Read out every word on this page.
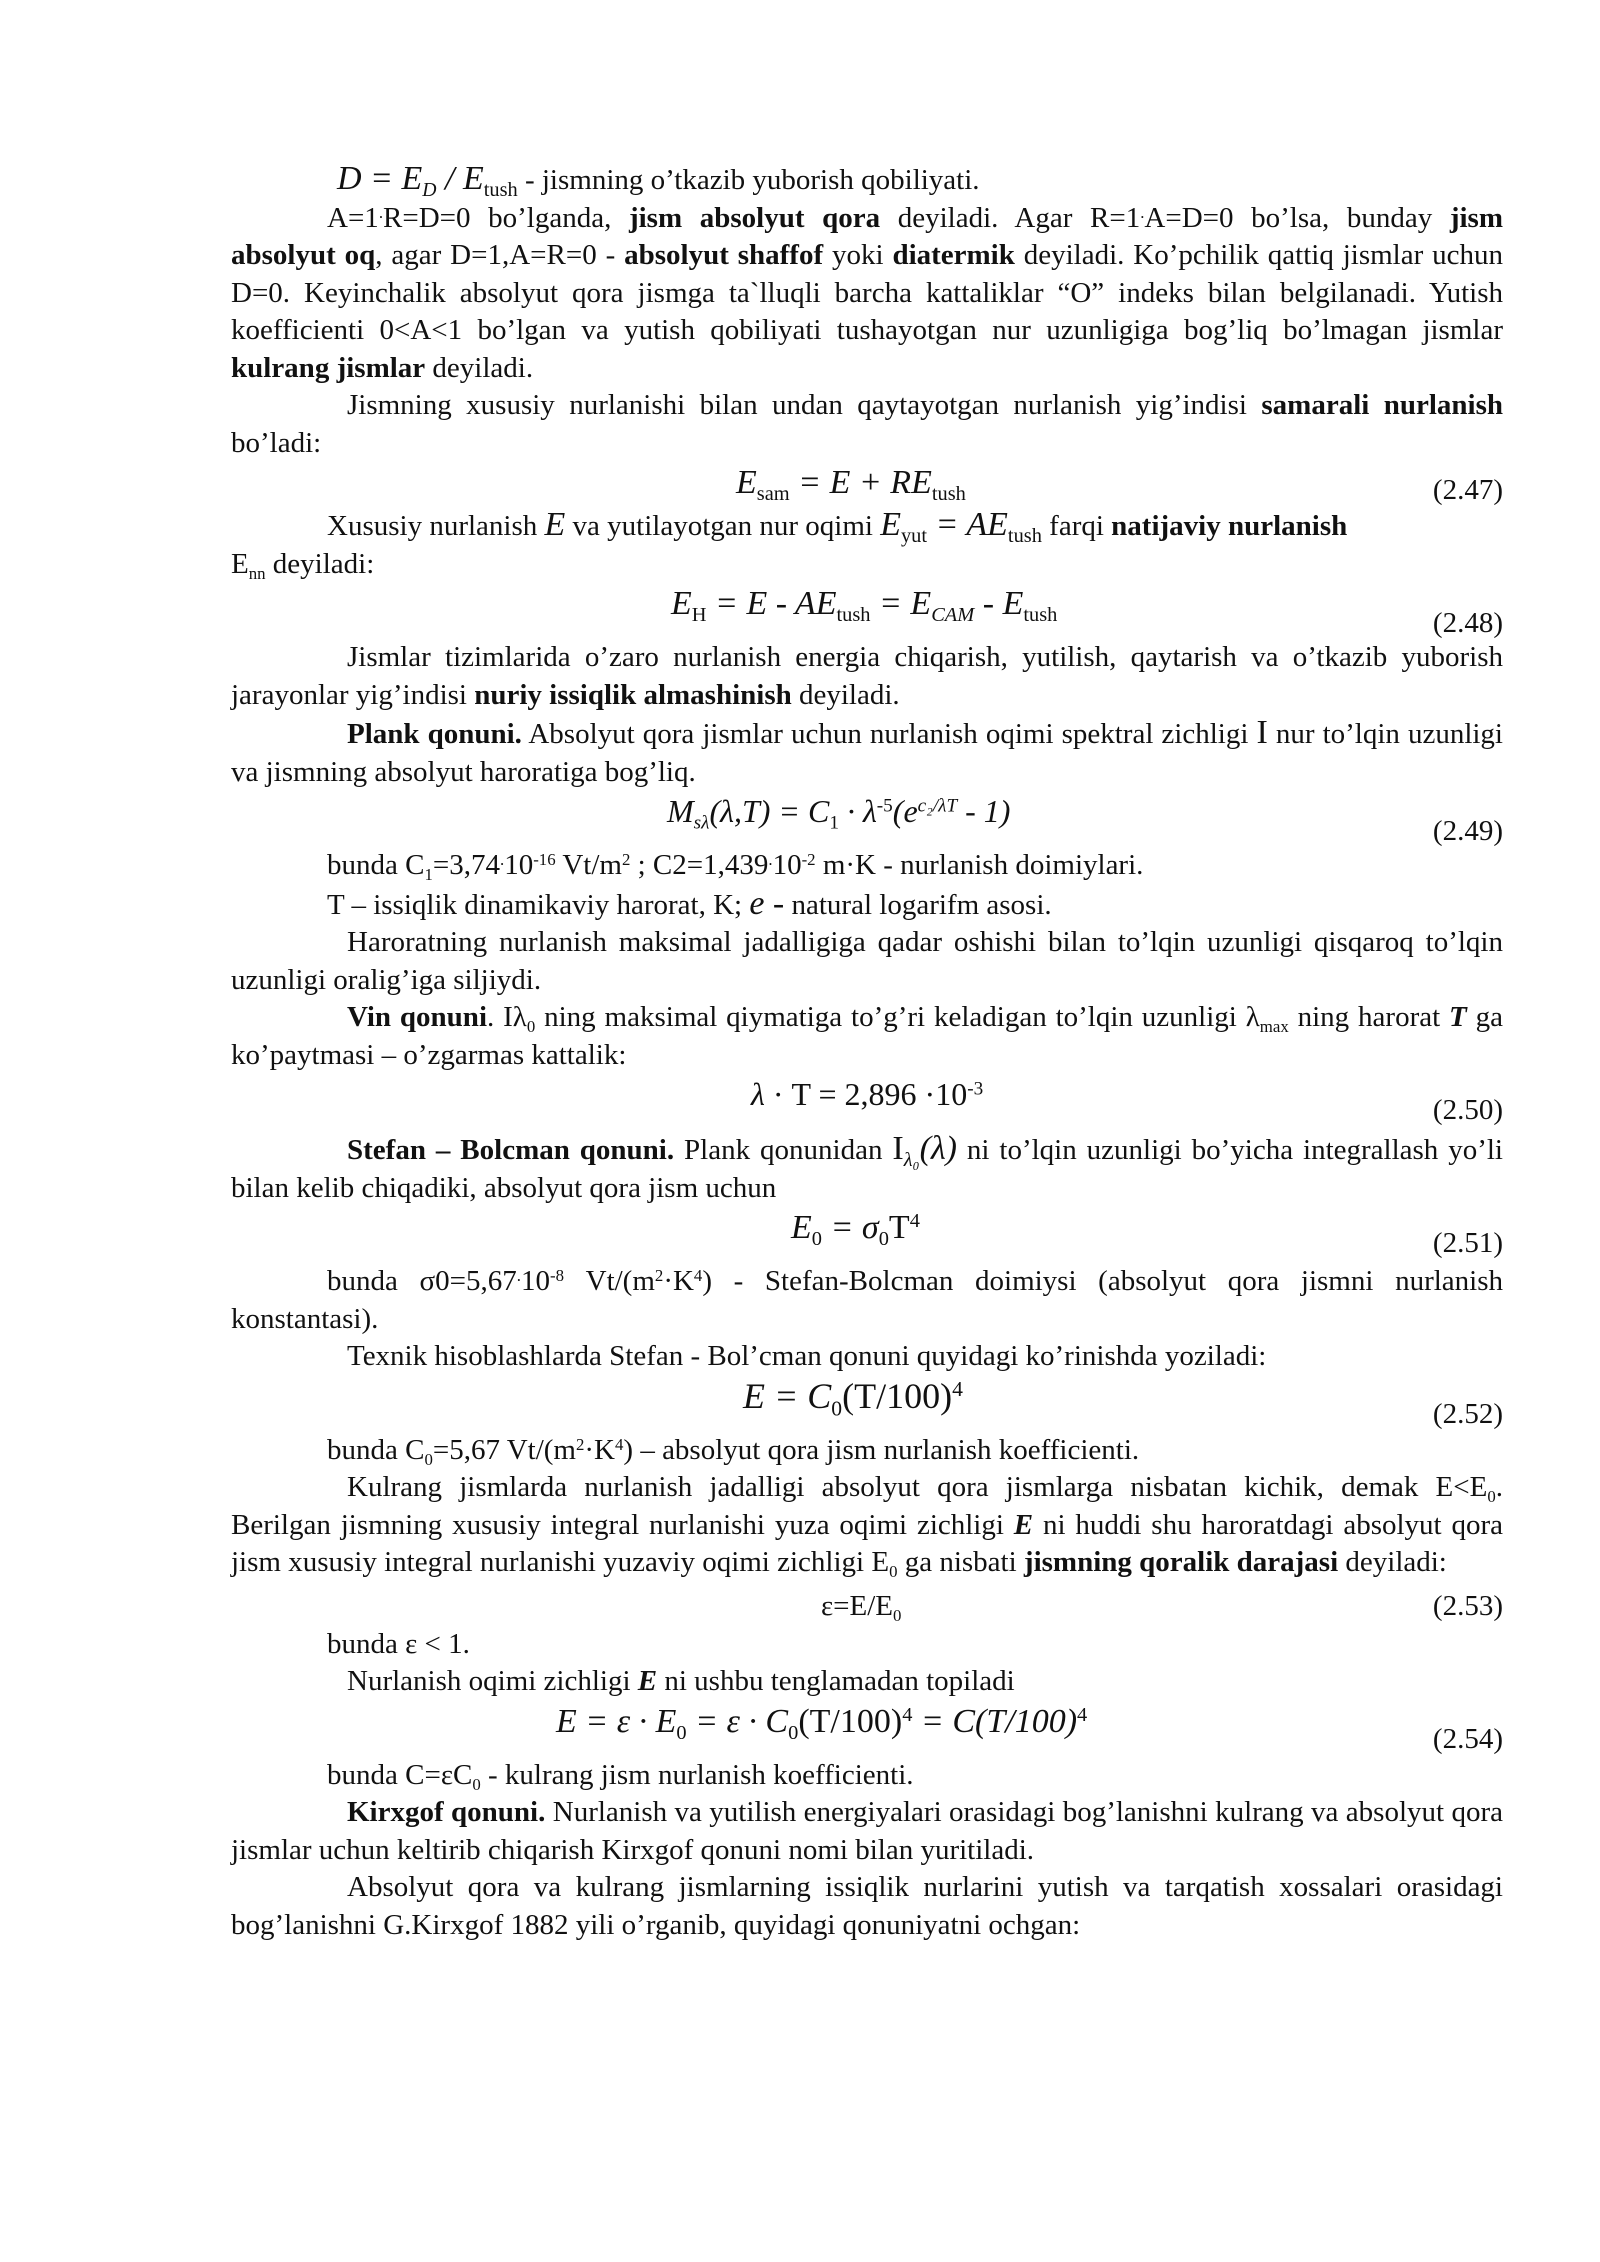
$D = E_D / E_{tush}$ - jismning o’tkazib yuborish qobiliyati.

A=1.R=D=0 bo’lganda, jism absolyut qora deyiladi. Agar R=1.A=D=0 bo’lsa, bunday jism absolyut oq, agar D=1,A=R=0 - absolyut shaffof yoki diatermik deyiladi. Ko’pchilik qattiq jismlar uchun D=0. Keyinchalik absolyut qora jismga ta`lluqli barcha kattaliklar “O” indeks bilan belgilanadi. Yutish koefficienti 0<A<1 bo’lgan va yutish qobiliyati tushayotgan nur uzunligiga bog’liq bo’lmagan jismlar kulrang jismlar deyiladi.

Jismning xususiy nurlanishi bilan undan qaytayotgan nurlanish yig’indisi samarali nurlanish bo’ladi:

$E_{sam} = E + RE_{tush}$	(2.47)

Xususiy nurlanish E va yutilayotgan nur oqimi $E_{yut} = AE_{tush}$ farqi natijaviy nurlanish
$E_{nn}$ deyiladi:

$E_H = E - AE_{tush} = E_{CAM} - E_{tush}$	(2.48)

Jismlar tizimlarida o’zaro nurlanish energia chiqarish, yutilish, qaytarish va o’tkazib yuborish jarayonlar yig’indisi nuriy issiqlik almashinish deyiladi.

Plank qonuni. Absolyut qora jismlar uchun nurlanish oqimi spektral zichligi I nur to’lqin uzunligi va jismning absolyut haroratiga bog’liq.

$M_{s\lambda}(\lambda,T) = C_1 \cdot \lambda^{-5}(e^{c_2/\lambda T} - 1)$
(2.49)

bunda $C_1=3,74^.10^{-16}$ $Vt/m^2$ ; $C2=1,439^.10^{-2}$ m·K - nurlanish doimiylari.

T – issiqlik dinamikaviy harorat, K; e - natural logarifm asosi.

Haroratning nurlanish maksimal jadalligiga qadar oshishi bilan to’lqin uzunligi qisqaroq to’lqin uzunligi oralig’iga siljiydi.

Vin qonuni. $I\lambda_0$ ning maksimal qiymatiga to’g’ri keladigan to’lqin uzunligi $\lambda_{max}$ ning harorat T ga ko’paytmasi – o’zgarmas kattalik:

$\lambda \cdot T = 2,896 \cdot 10^{-3}$
(2.50)

Stefan – Bolcman qonuni. Plank qonunidan $I_{\lambda_0}(\lambda)$ ni to’lqin uzunligi bo’yicha integrallash yo’li bilan kelib chiqadiki, absolyut qora jism uchun

$E_0 = \sigma_0T^4$
(2.51)

bunda $\sigma 0=5,67^.10^{-8}$ $Vt/(m^2\cdot K^4)$ - Stefan-Bolcman doimiysi (absolyut qora jismni nurlanish konstantasi).

Texnik hisoblashlarda Stefan - Bol’cman qonuni quyidagi ko’rinishda yoziladi:

$E = C_0(T/100)^4$
(2.52)

bunda $C_0=5,67$ $Vt/(m^2\cdot K^4)$ – absolyut qora jism nurlanish koefficienti.

Kulrang jismlarda nurlanish jadalligi absolyut qora jismlarga nisbatan kichik, demak $E<E_0$. Berilgan jismning xususiy integral nurlanishi yuza oqimi zichligi E ni huddi shu haroratdagi absolyut qora jism xususiy integral nurlanishi yuzaviy oqimi zichligi $E_0$ ga nisbati jismning qoralik darajasi deyiladi:

$\varepsilon=E/E_0$	(2.53)

bunda ε < 1.

Nurlanish oqimi zichligi E ni ushbu tenglamadan topiladi

$E = \varepsilon \cdot E_0 = \varepsilon \cdot C_0(T/100)^4 = C(T/100)^4$
(2.54)

bunda $C=\varepsilon C_0$ - kulrang jism nurlanish koefficienti.

Kirxgof qonuni. Nurlanish va yutilish energiyalari orasidagi bog’lanishni kulrang va absolyut qora jismlar uchun keltirib chiqarish Kirxgof qonuni nomi bilan yuritiladi.

Absolyut qora va kulrang jismlarning issiqlik nurlarini yutish va tarqatish xossalari orasidagi bog’lanishni G.Kirxgof 1882 yili o’rganib, quyidagi qonuniyatni ochgan:
